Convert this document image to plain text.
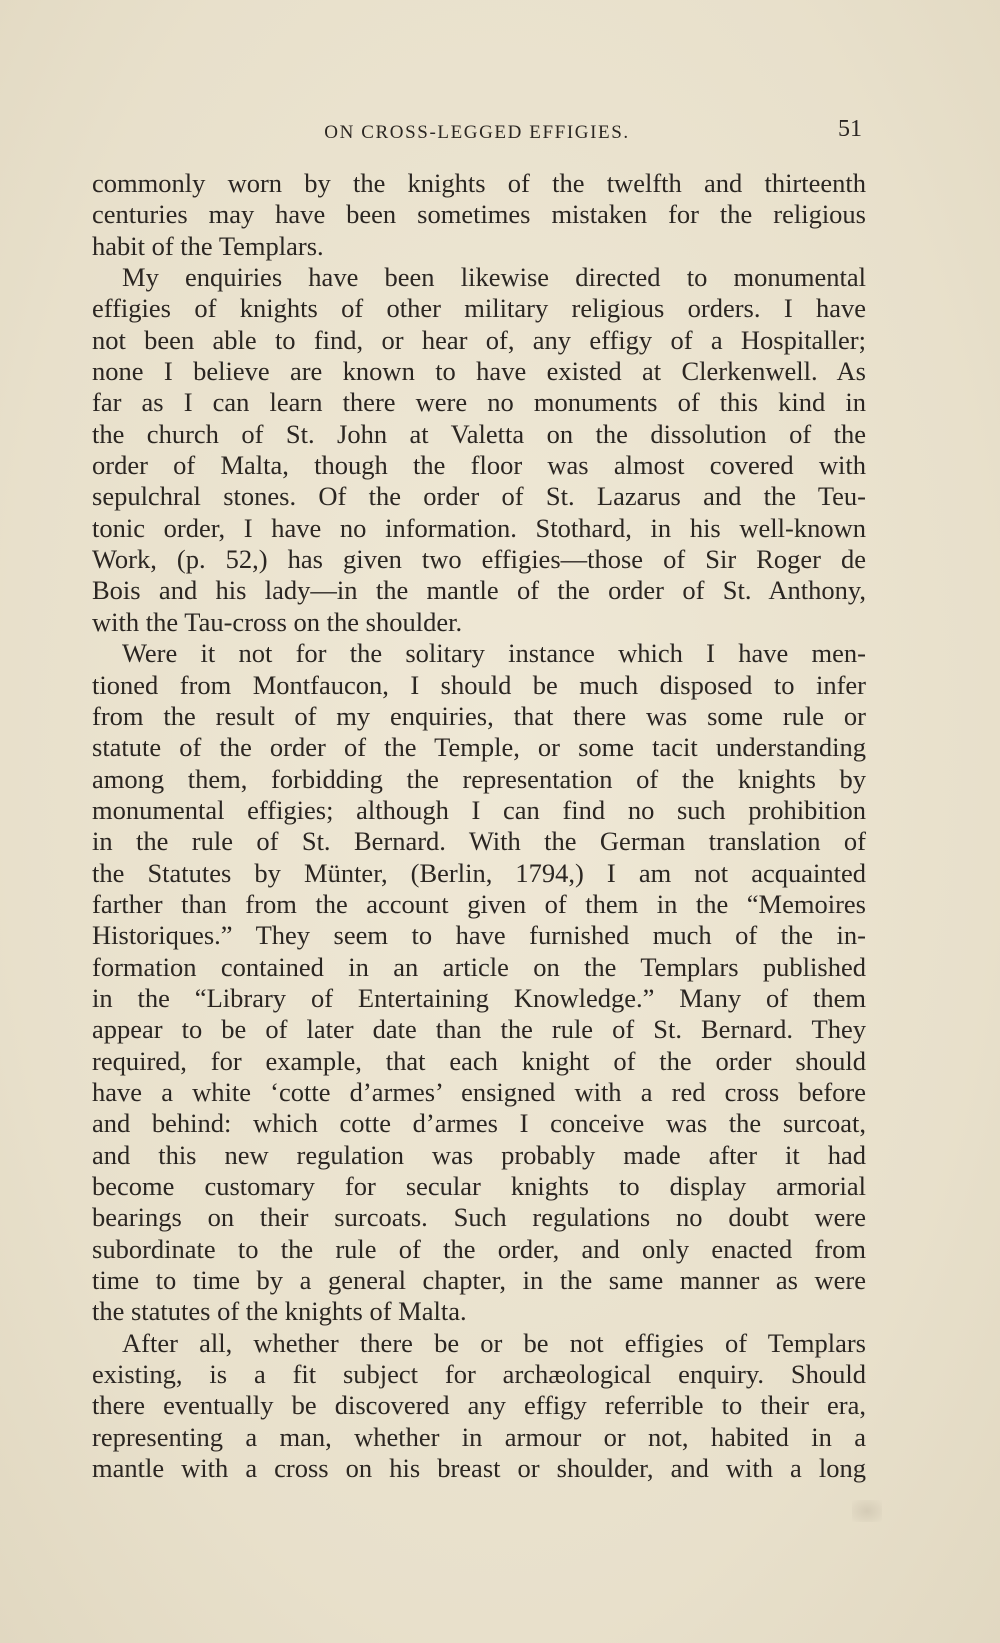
ON CROSS-LEGGED EFFIGIES.	51
commonly worn by the knights of the twelfth and thirteenth
centuries may have been sometimes mistaken for the religious
habit of the Templars.
My enquiries have been likewise directed to monumental
effigies of knights of other military religious orders. I have
not been able to find, or hear of, any effigy of a Hospitaller;
none I believe are known to have existed at Clerkenwell. As
far as I can learn there were no monuments of this kind in
the church of St. John at Valetta on the dissolution of the
order of Malta, though the floor was almost covered with
sepulchral stones. Of the order of St. Lazarus and the Teu-
tonic order, I have no information. Stothard, in his well-known
Work, (p. 52,) has given two effigies—those of Sir Roger de
Bois and his lady—in the mantle of the order of St. Anthony,
with the Tau-cross on the shoulder.
Were it not for the solitary instance which I have men-
tioned from Montfaucon, I should be much disposed to infer
from the result of my enquiries, that there was some rule or
statute of the order of the Temple, or some tacit understanding
among them, forbidding the representation of the knights by
monumental effigies; although I can find no such prohibition
in the rule of St. Bernard. With the German translation of
the Statutes by Münter, (Berlin, 1794,) I am not acquainted
farther than from the account given of them in the “Memoires
Historiques.” They seem to have furnished much of the in-
formation contained in an article on the Templars published
in the “Library of Entertaining Knowledge.” Many of them
appear to be of later date than the rule of St. Bernard. They
required, for example, that each knight of the order should
have a white ‘cotte d’armes’ ensigned with a red cross before
and behind: which cotte d’armes I conceive was the surcoat,
and this new regulation was probably made after it had
become customary for secular knights to display armorial
bearings on their surcoats. Such regulations no doubt were
subordinate to the rule of the order, and only enacted from
time to time by a general chapter, in the same manner as were
the statutes of the knights of Malta.
After all, whether there be or be not effigies of Templars
existing, is a fit subject for archæological enquiry. Should
there eventually be discovered any effigy referrible to their era,
representing a man, whether in armour or not, habited in a
mantle with a cross on his breast or shoulder, and with a long
